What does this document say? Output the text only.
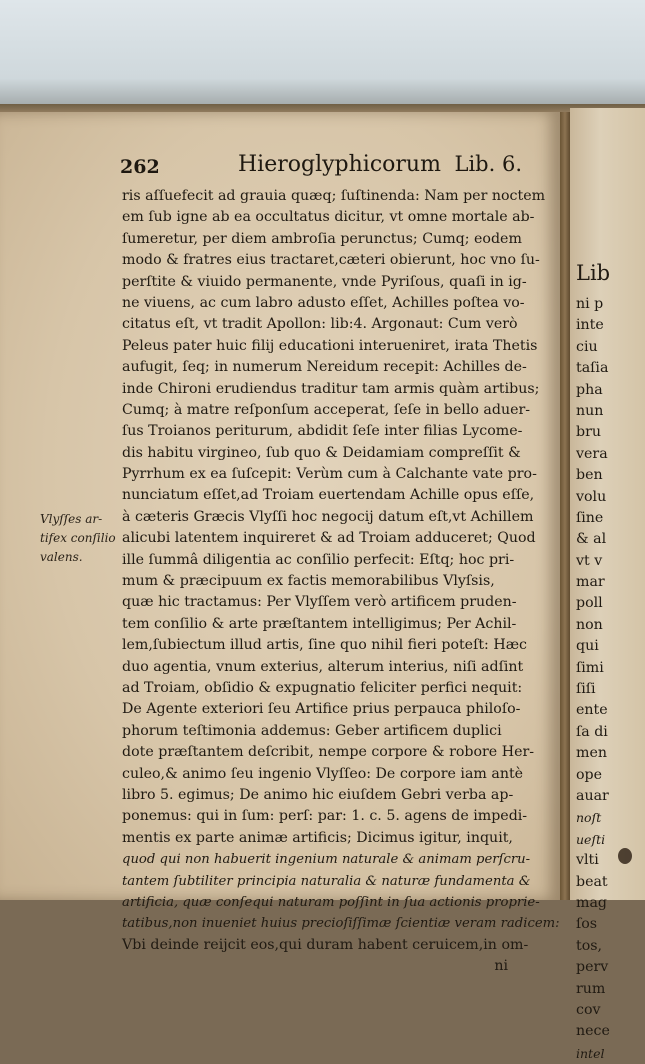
Lib
ni p
inte
ciu
taſia
pha
nun
bru
vera
ben
volu
ſine
& al
vt v
mar
poll
non
qui
ſimi
ſiſi
ente
ſa di
men
ope
auar
noſt
ueſti
vlti
beat
mag
ſos
tos,
perv
rum
cov
nece
intel
262	Hieroglyphicorum Lib. 6.
Vlyſſes ar-
tifex conſilio
valens.
ris aſſuefecit ad grauia quæq; ſuſtinenda: Nam per noctem
em ſub igne ab ea occultatus dicitur, vt omne mortale ab-
ſumeretur, per diem ambroſia perunctus; Cumq; eodem
modo & fratres eius tractaret,cæteri obierunt, hoc vno ſu-
perſtite & viuido permanente, vnde Pyriſous, quaſi in ig-
ne viuens, ac cum labro adusto eſſet, Achilles poſtea vo-
citatus eſt, vt tradit Apollon: lib:4. Argonaut: Cum verò
Peleus pater huic filij educationi interueniret, irata Thetis
aufugit, ſeq; in numerum Nereidum recepit: Achilles de-
inde Chironi erudiendus traditur tam armis quàm artibus;
Cumq; à matre reſponſum acceperat, ſeſe in bello aduer-
ſus Troianos periturum, abdidit ſeſe inter filias Lycome-
dis habitu virgineo, ſub quo & Deidamiam compreſſit &
Pyrrhum ex ea ſuſcepit: Verùm cum à Calchante vate pro-
nunciatum eſſet,ad Troiam euertendam Achille opus eſſe,
à cæteris Græcis Vlyſſi hoc negocij datum eſt,vt Achillem
alicubi latentem inquireret & ad Troiam adduceret; Quod
ille ſummâ diligentia ac conſilio perfecit: Eſtq; hoc pri-
mum & præcipuum ex factis memorabilibus Vlyſsis,
quæ hic tractamus: Per Vlyſſem verò artificem pruden-
tem conſilio & arte præſtantem intelligimus; Per Achil-
lem,ſubiectum illud artis, ſine quo nihil fieri poteſt: Hæc
duo agentia, vnum exterius, alterum interius, niſi adſint
ad Troiam, obſidio & expugnatio feliciter perfici nequit:
De Agente exteriori ſeu Artifice prius perpauca philoſo-
phorum teſtimonia addemus: Geber artificem duplici
dote præſtantem deſcribit, nempe corpore & robore Her-
culeo,& animo ſeu ingenio Vlyſſeo: De corpore iam antè
libro 5. egimus; De animo hic eiuſdem Gebri verba ap-
ponemus: qui in ſum: perſ: par: 1. c. 5. agens de impedi-
mentis ex parte animæ artificis; Dicimus igitur, inquit,
quod qui non habuerit ingenium naturale & animam perſcru-
tantem ſubtiliter principia naturalia & naturæ fundamenta &
artificia, quæ conſequi naturam poſſint in ſua actionis proprie-
tatibus,non inueniet huius precioſiſſimæ ſcientiæ veram radicem:
Vbi deinde reijcit eos,qui duram habent ceruicem,in om-
ni
